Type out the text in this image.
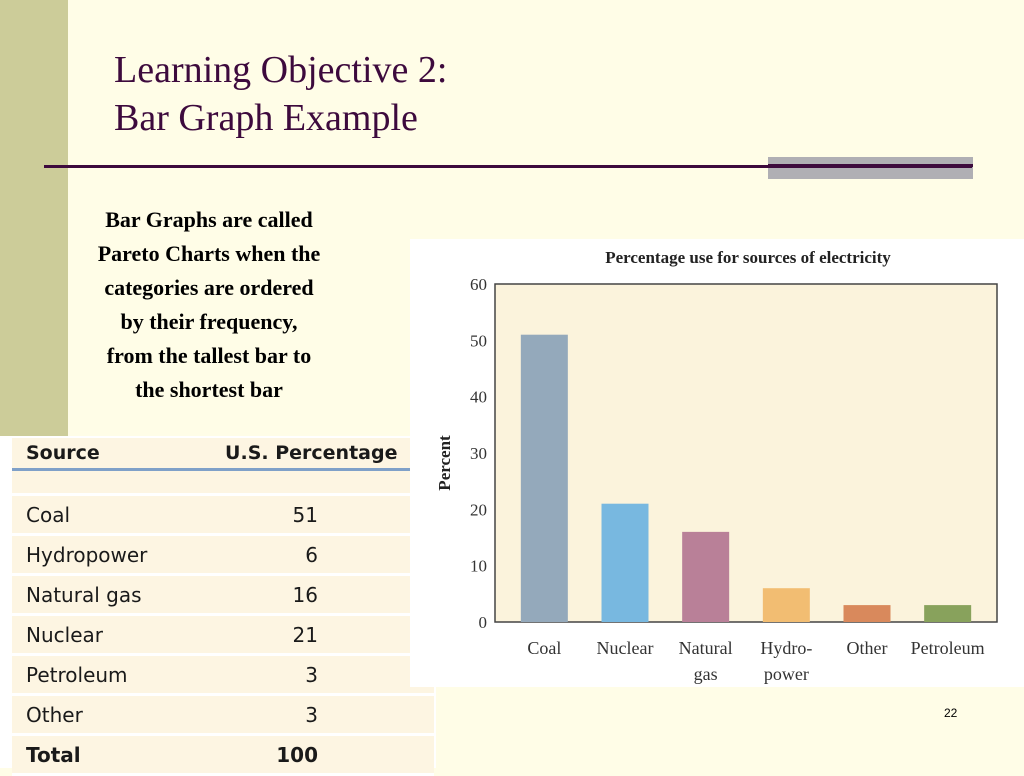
Learning Objective 2:
Bar Graph Example
Bar Graphs are called
Pareto Charts when the
categories are ordered
by their frequency,
from the tallest bar to
the shortest bar
Source	U.S. Percentage

Coal	51
Hydropower	6
Natural gas	16
Nuclear	21
Petroleum	3
Other	3
Total	100
Percentage use for sources of electricity
0
10
20
30
40
50
60
Percent
Coal Nuclear Natural
gas
Hydro-
power
Other Petroleum
22
